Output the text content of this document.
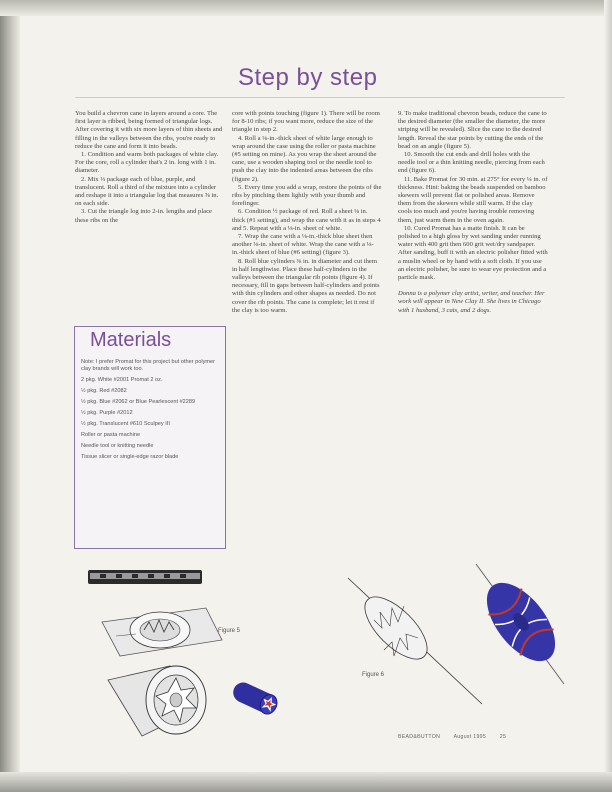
Step by step

You build a chevron cane in layers around a core. The first layer is ribbed, being formed of triangular logs. After covering it with six more layers of thin sheets and filling in the valleys between the ribs, you're ready to reduce the cane and form it into beads.

1. Condition and warm both packages of white clay. For the core, roll a cylinder that's 2 in. long with 1 in. diameter.

2. Mix ⅓ package each of blue, purple, and translucent. Roll a third of the mixture into a cylinder and reshape it into a triangular log that measures ⅝ in. on each side.

3. Cut the triangle log into 2-in. lengths and place these ribs on the

core with points touching (figure 1). There will be room for 8-10 ribs; if you want more, reduce the size of the triangle in step 2.

4. Roll a ⅛-in.-thick sheet of white large enough to wrap around the case using the roller or pasta machine (#5 setting on mine). As you wrap the sheet around the cane, use a wooden shaping tool or the needle tool to push the clay into the indented areas between the ribs (figure 2).

5. Every time you add a wrap, restore the points of the ribs by pinching them lightly with your thumb and forefinger.

6. Condition ½ package of red. Roll a sheet ⅛ in. thick (#1 setting), and wrap the cane with it as in steps 4 and 5. Repeat with a ⅛-in. sheet of white.

7. Wrap the cane with a ⅛-in.-thick blue sheet then another ⅛-in. sheet of white. Wrap the cane with a ⅛-in.-thick sheet of blue (#6 setting) (figure 3).

8. Roll blue cylinders ⅜ in. in diameter and cut them in half lengthwise. Place these half-cylinders in the valleys between the triangular rib points (figure 4). If necessary, fill in gaps between half-cylinders and points with thin cylinders and other shapes as needed. Do not cover the rib points. The cane is complete; let it rest if the clay is too warm.

9. To make traditional chevron beads, reduce the cane to the desired diameter (the smaller the diameter, the more striping will be revealed). Slice the cane to the desired length. Reveal the star points by cutting the ends of the bead on an angle (figure 5).

10. Smooth the cut ends and drill holes with the needle tool or a thin knitting needle, piercing from each end (figure 6).

11. Bake Promat for 30 min. at 275° for every ¼ in. of thickness. Hint: baking the beads suspended on bamboo skewers will prevent flat or polished areas. Remove them from the skewers while still warm. If the clay cools too much and you're having trouble removing them, just warm them in the oven again.

10. Cured Promat has a matte finish. It can be polished to a high gloss by wet sanding under running water with 400 grit then 600 grit wet/dry sandpaper. After sanding, buff it with an electric polisher fitted with a muslin wheel or by hand with a soft cloth. If you use an electric polisher, be sure to wear eye protection and a particle mask.

Donna is a polymer clay artist, writer, and teacher. Her work will appear in New Clay II. She lives in Chicago with 1 husband, 3 cats, and 2 dogs.

Materials
Note: I prefer Promat for this project but other polymer clay brands will work too.
2 pkg. White #2001 Promat 2 oz.
½ pkg. Red #2082
½ pkg. Blue #2062 or Blue Pearlescent #2289
½ pkg. Purple #2012
½ pkg. Translucent #610 Sculpey III
Roller or pasta machine
Needle tool or knitting needle
Tissue slicer or single-edge razor blade
Figure 5
Figure 6
BEAD&BUTTON	August 1995	25
